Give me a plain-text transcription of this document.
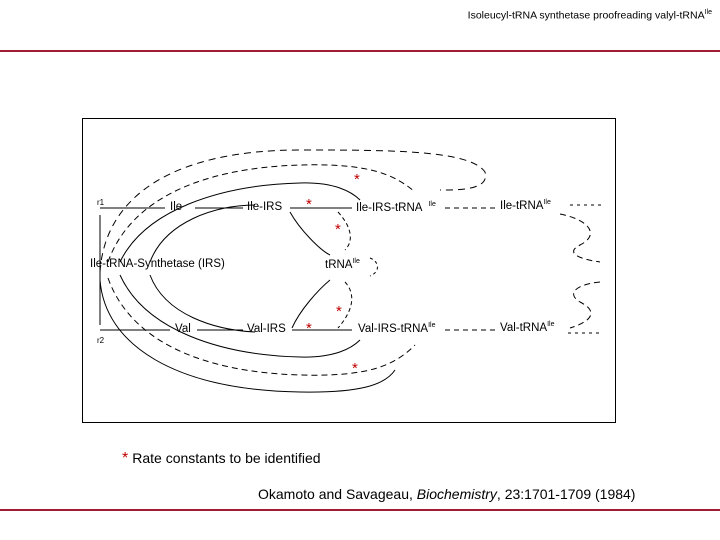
Isoleucyl-tRNA synthetase proofreading valyl-tRNA$^{Ile}$
r1	Ile	Ile-IRS	Ile-IRS-tRNA $^{Ile}$	Ile-tRNA$^{Ile}$
Ile-tRNA-Synthetase (IRS)	tRNA$^{Ile}$
r2
Val	Val-IRS	Val-IRS-tRNA$^{Ile}$	Val-tRNA$^{Ile}$
*
*
*
*
*
*
* Rate constants to be identified
Okamoto and Savageau, Biochemistry, 23:1701-1709 (1984)
